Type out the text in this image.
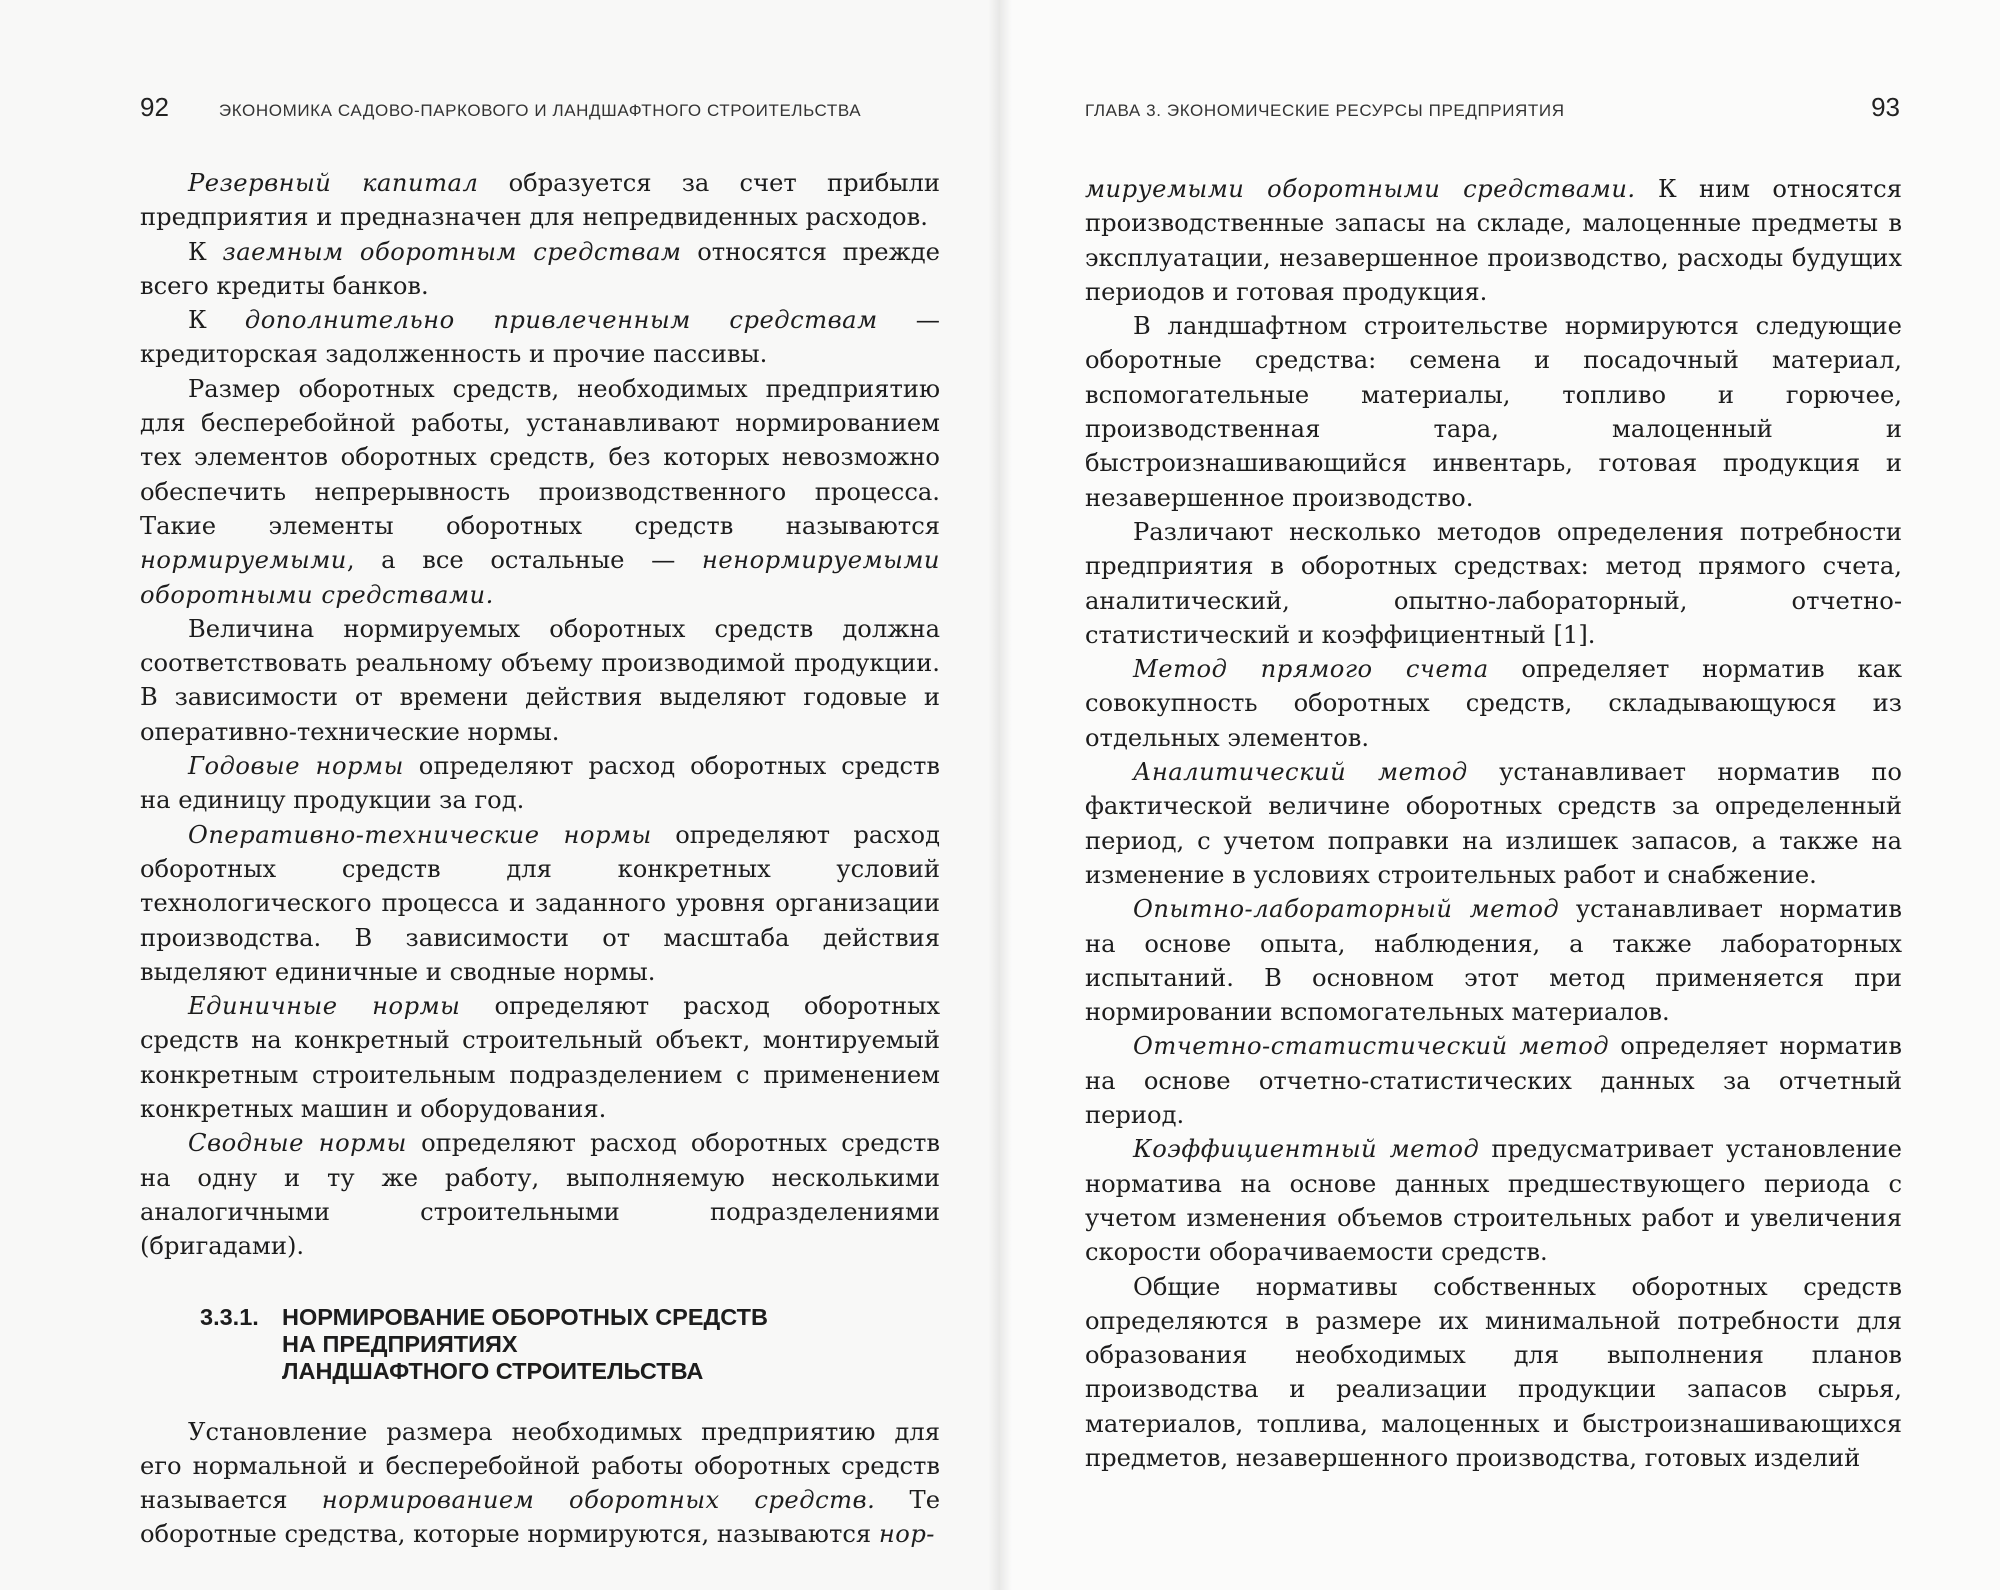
92	ЭКОНОМИКА САДОВО-ПАРКОВОГО И ЛАНДШАФТНОГО СТРОИТЕЛЬСТВА

Резервный капитал образуется за счет прибыли предприятия и предназначен для непредвиденных расходов.

К заемным оборотным средствам относятся прежде всего кредиты банков.

К дополнительно привлеченным средствам — кредиторская задолженность и прочие пассивы.

Размер оборотных средств, необходимых предприятию для бесперебойной работы, устанавливают нормированием тех элементов оборотных средств, без которых невозможно обеспечить непрерывность производственного процесса. Такие элементы оборотных средств называются нормируемыми, а все остальные — ненормируемыми оборотными средствами.

Величина нормируемых оборотных средств должна соответствовать реальному объему производимой продукции. В зависимости от времени действия выделяют годовые и оперативно-технические нормы.

Годовые нормы определяют расход оборотных средств на единицу продукции за год.

Оперативно-технические нормы определяют расход оборотных средств для конкретных условий технологического процесса и заданного уровня организации производства. В зависимости от масштаба действия выделяют единичные и сводные нормы.

Единичные нормы определяют расход оборотных средств на конкретный строительный объект, монтируемый конкретным строительным подразделением с применением конкретных машин и оборудования.

Сводные нормы определяют расход оборотных средств на одну и ту же работу, выполняемую несколькими аналогичными строительными подразделениями (бригадами).

3.3.1. НОРМИРОВАНИЕ ОБОРОТНЫХ СРЕДСТВ
НА ПРЕДПРИЯТИЯХ
ЛАНДШАФТНОГО СТРОИТЕЛЬСТВА

Установление размера необходимых предприятию для его нормальной и бесперебойной работы оборотных средств называется нормированием оборотных средств. Те оборотные средства, которые нормируются, называются нор-

ГЛАВА 3. ЭКОНОМИЧЕСКИЕ РЕСУРСЫ ПРЕДПРИЯТИЯ	93

мируемыми оборотными средствами. К ним относятся производственные запасы на складе, малоценные предметы в эксплуатации, незавершенное производство, расходы будущих периодов и готовая продукция.

В ландшафтном строительстве нормируются следующие оборотные средства: семена и посадочный материал, вспомогательные материалы, топливо и горючее, производственная тара, малоценный и быстроизнашивающийся инвентарь, готовая продукция и незавершенное производство.

Различают несколько методов определения потребности предприятия в оборотных средствах: метод прямого счета, аналитический, опытно-лабораторный, отчетно-статистический и коэффициентный [1].

Метод прямого счета определяет норматив как совокупность оборотных средств, складывающуюся из отдельных элементов.

Аналитический метод устанавливает норматив по фактической величине оборотных средств за определенный период, с учетом поправки на излишек запасов, а также на изменение в условиях строительных работ и снабжение.

Опытно-лабораторный метод устанавливает норматив на основе опыта, наблюдения, а также лабораторных испытаний. В основном этот метод применяется при нормировании вспомогательных материалов.

Отчетно-статистический метод определяет норматив на основе отчетно-статистических данных за отчетный период.

Коэффициентный метод предусматривает установление норматива на основе данных предшествующего периода с учетом изменения объемов строительных работ и увеличения скорости оборачиваемости средств.

Общие нормативы собственных оборотных средств определяются в размере их минимальной потребности для образования необходимых для выполнения планов производства и реализации продукции запасов сырья, материалов, топлива, малоценных и быстроизнашивающихся предметов, незавершенного производства, готовых изделий
